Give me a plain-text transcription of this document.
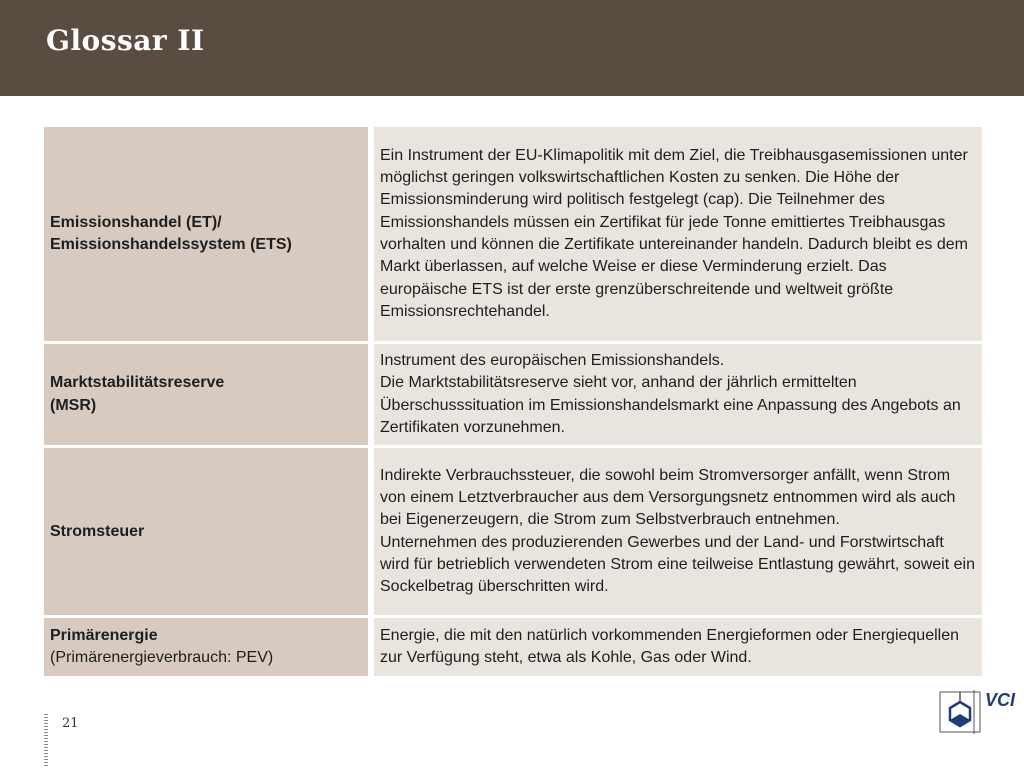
Glossar II
Emissionshandel (ET)/
Emissionshandelssystem (ETS)		Ein Instrument der EU-Klimapolitik mit dem Ziel, die Treibhausgasemissionen unter möglichst geringen volkswirtschaftlichen Kosten zu senken. Die Höhe der Emissionsminderung wird politisch festgelegt (cap). Die Teilnehmer des Emissionshandels müssen ein Zertifikat für jede Tonne emittiertes Treibhausgas vorhalten und können die Zertifikate untereinander handeln. Dadurch bleibt es dem Markt überlassen, auf welche Weise er diese Verminderung erzielt. Das europäische ETS ist der erste grenzüberschreitende und weltweit größte Emissionsrechtehandel.

Marktstabilitätsreserve
(MSR)		Instrument des europäischen Emissionshandels.
Die Marktstabilitätsreserve sieht vor, anhand der jährlich ermittelten Überschusssituation im Emissionshandelsmarkt eine Anpassung des Angebots an Zertifikaten vorzunehmen.

Stromsteuer		Indirekte Verbrauchssteuer, die sowohl beim Stromversorger anfällt, wenn Strom von einem Letztverbraucher aus dem Versorgungsnetz entnommen wird als auch bei Eigenerzeugern, die Strom zum Selbstverbrauch entnehmen.
Unternehmen des produzierenden Gewerbes und der Land- und Forstwirtschaft wird für betrieblich verwendeten Strom eine teilweise Entlastung gewährt, soweit ein Sockelbetrag überschritten wird.

Primärenergie
(Primärenergieverbrauch: PEV)		Energie, die mit den natürlich vorkommenden Energieformen oder Energiequellen zur Verfügung steht, etwa als Kohle, Gas oder Wind.
21
VCI
